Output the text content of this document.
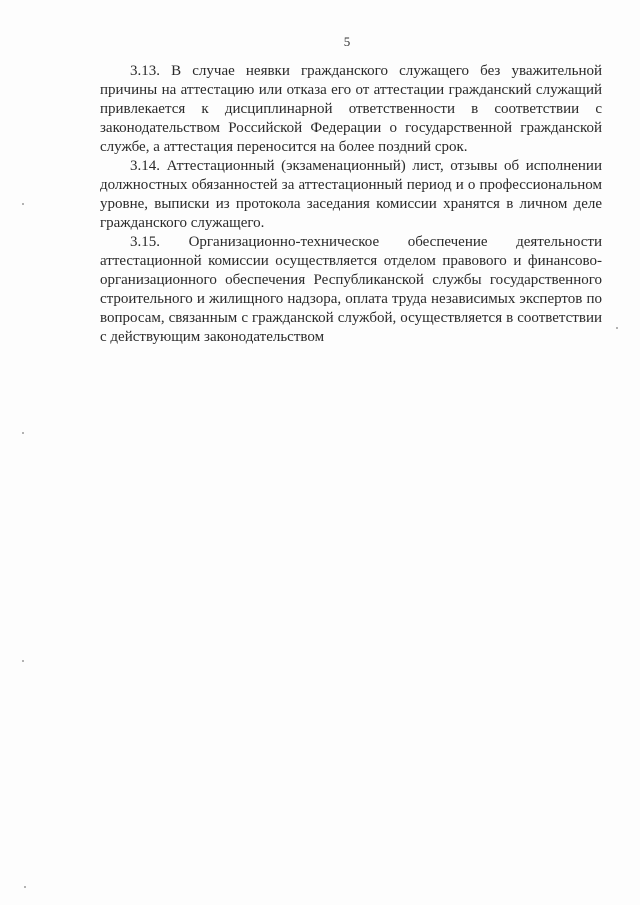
5

3.13. В случае неявки гражданского служащего без уважительной причины на аттестацию или отказа его от аттестации гражданский служащий привлекается к дисциплинарной ответственности в соответствии с законодательством Российской Федерации о государственной гражданской службе, а аттестация переносится на более поздний срок.

3.14. Аттестационный (экзаменационный) лист, отзывы об исполнении должностных обязанностей за аттестационный период и о профессиональном уровне, выписки из протокола заседания комиссии хранятся в личном деле гражданского служащего.

3.15. Организационно-техническое обеспечение деятельности аттестационной комиссии осуществляется отделом правового и финансово-организационного обеспечения Республиканской службы государственного строительного и жилищного надзора, оплата труда независимых экспертов по вопросам, связанным с гражданской службой, осуществляется в соответствии с действующим законодательством
